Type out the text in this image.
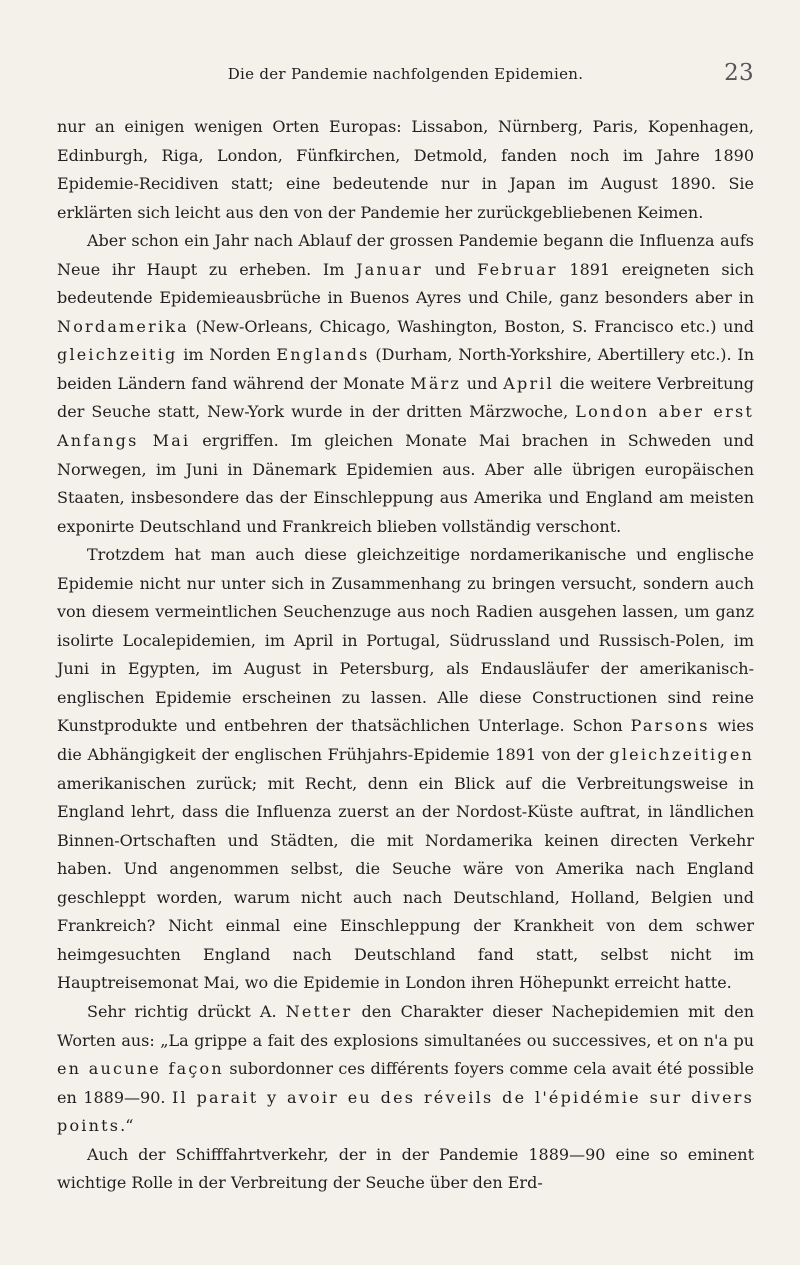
Die der Pandemie nachfolgenden Epidemien.	23

nur an einigen wenigen Orten Europas: Lissabon, Nürnberg, Paris, Kopenhagen, Edinburgh, Riga, London, Fünfkirchen, Detmold, fanden noch im Jahre 1890 Epidemie-Recidiven statt; eine bedeutende nur in Japan im August 1890. Sie erklärten sich leicht aus den von der Pandemie her zurückgebliebenen Keimen.

Aber schon ein Jahr nach Ablauf der grossen Pandemie begann die Influenza aufs Neue ihr Haupt zu erheben. Im Januar und Februar 1891 ereigneten sich bedeutende Epidemieausbrüche in Buenos Ayres und Chile, ganz besonders aber in Nordamerika (New-Orleans, Chicago, Washington, Boston, S. Francisco etc.) und gleichzeitig im Norden Englands (Durham, North-Yorkshire, Abertillery etc.). In beiden Ländern fand während der Monate März und April die weitere Verbreitung der Seuche statt, New-York wurde in der dritten Märzwoche, London aber erst Anfangs Mai ergriffen. Im gleichen Monate Mai brachen in Schweden und Norwegen, im Juni in Dänemark Epidemien aus. Aber alle übrigen europäischen Staaten, insbesondere das der Einschleppung aus Amerika und England am meisten exponirte Deutschland und Frankreich blieben vollständig verschont.

Trotzdem hat man auch diese gleichzeitige nordamerikanische und englische Epidemie nicht nur unter sich in Zusammenhang zu bringen versucht, sondern auch von diesem vermeintlichen Seuchenzuge aus noch Radien ausgehen lassen, um ganz isolirte Localepidemien, im April in Portugal, Südrussland und Russisch-Polen, im Juni in Egypten, im August in Petersburg, als Endausläufer der amerikanisch-englischen Epidemie erscheinen zu lassen. Alle diese Constructionen sind reine Kunstprodukte und entbehren der thatsächlichen Unterlage. Schon Parsons wies die Abhängigkeit der englischen Frühjahrs-Epidemie 1891 von der gleichzeitigen amerikanischen zurück; mit Recht, denn ein Blick auf die Verbreitungsweise in England lehrt, dass die Influenza zuerst an der Nordost-Küste auftrat, in ländlichen Binnen-Ortschaften und Städten, die mit Nordamerika keinen directen Verkehr haben. Und angenommen selbst, die Seuche wäre von Amerika nach England geschleppt worden, warum nicht auch nach Deutschland, Holland, Belgien und Frankreich? Nicht einmal eine Einschleppung der Krankheit von dem schwer heimgesuchten England nach Deutschland fand statt, selbst nicht im Hauptreisemonat Mai, wo die Epidemie in London ihren Höhepunkt erreicht hatte.

Sehr richtig drückt A. Netter den Charakter dieser Nachepidemien mit den Worten aus: „La grippe a fait des explosions simultanées ou successives, et on n'a pu en aucune façon subordonner ces différents foyers comme cela avait été possible en 1889—90. Il parait y avoir eu des réveils de l'épidémie sur divers points.“

Auch der Schifffahrtverkehr, der in der Pandemie 1889—90 eine so eminent wichtige Rolle in der Verbreitung der Seuche über den Erd-
